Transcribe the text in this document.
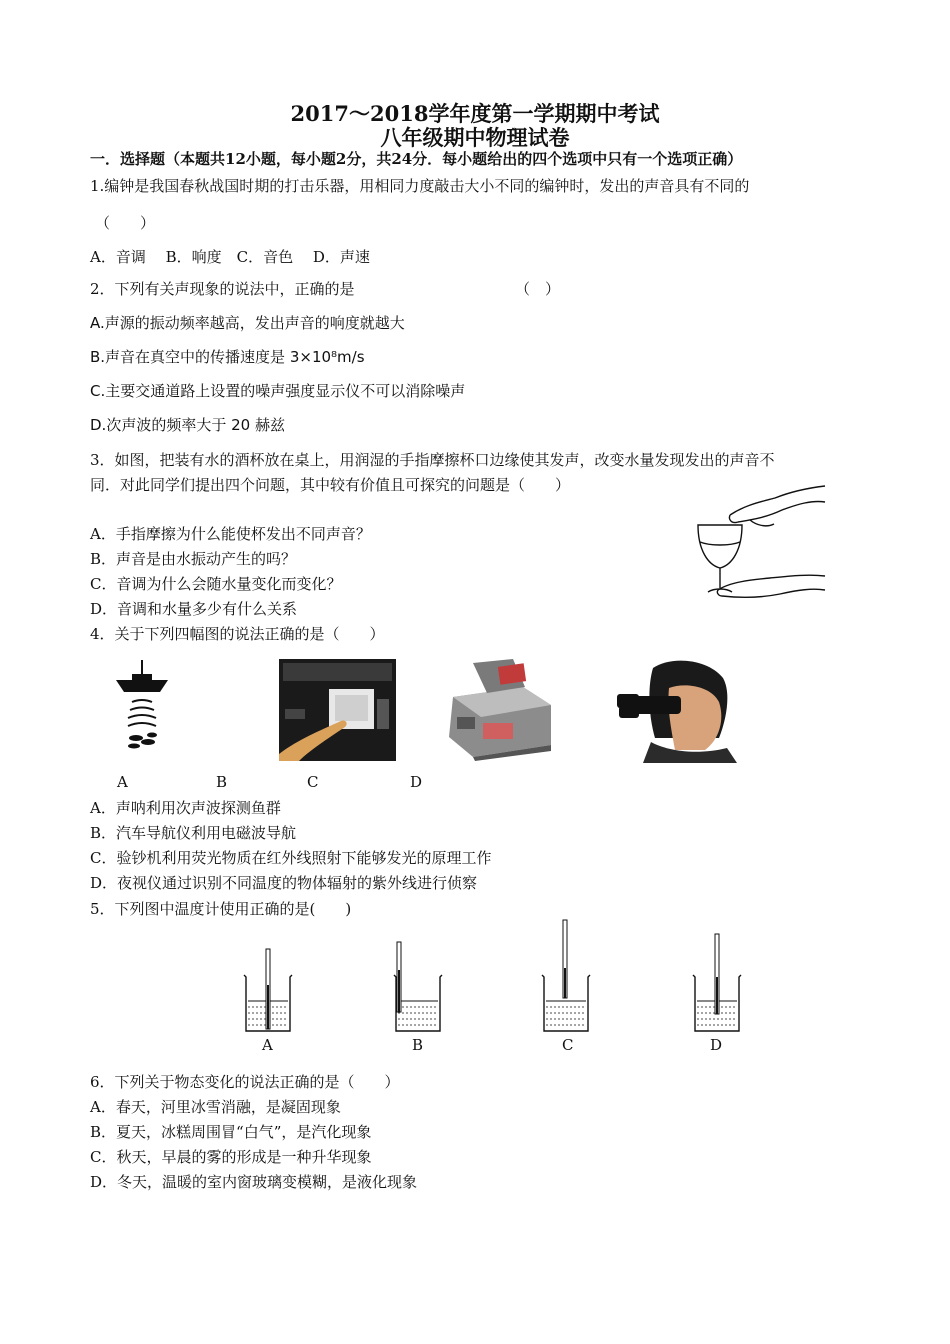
2017～2018学年度第一学期期中考试
八年级期中物理试卷
一．选择题（本题共12小题，每小题2分，共24分．每小题给出的四个选项中只有一个选项正确）
1.编钟是我国春秋战国时期的打击乐器，用相同力度敲击大小不同的编钟时，发出的声音具有不同的
（　　）
A．音调　 B．响度　C．音色　 D．声速
2．下列有关声现象的说法中，正确的是	（　）
A.声源的振动频率越高，发出声音的响度就越大
B.声音在真空中的传播速度是 3×10⁸m/s
C.主要交通道路上设置的噪声强度显示仪不可以消除噪声
D.次声波的频率大于 20 赫兹
3．如图，把装有水的酒杯放在桌上，用润湿的手指摩擦杯口边缘使其发声，改变水量发现发出的声音不
同．对此同学们提出四个问题，其中较有价值且可探究的问题是（　　）
A．手指摩擦为什么能使杯发出不同声音？
B．声音是由水振动产生的吗？
C．音调为什么会随水量变化而变化？
D．音调和水量多少有什么关系
4．关于下列四幅图的说法正确的是（　　）
A	B	C	D
A．声呐利用次声波探测鱼群
B．汽车导航仪利用电磁波导航
C．验钞机利用荧光物质在红外线照射下能够发光的原理工作
D．夜视仪通过识别不同温度的物体辐射的紫外线进行侦察
5．下列图中温度计使用正确的是(　　)
A	B	C	D
6．下列关于物态变化的说法正确的是（　　）
A．春天，河里冰雪消融，是凝固现象
B．夏天，冰糕周围冒“白气”，是汽化现象
C．秋天，早晨的雾的形成是一种升华现象
D．冬天，温暖的室内窗玻璃变模糊，是液化现象
